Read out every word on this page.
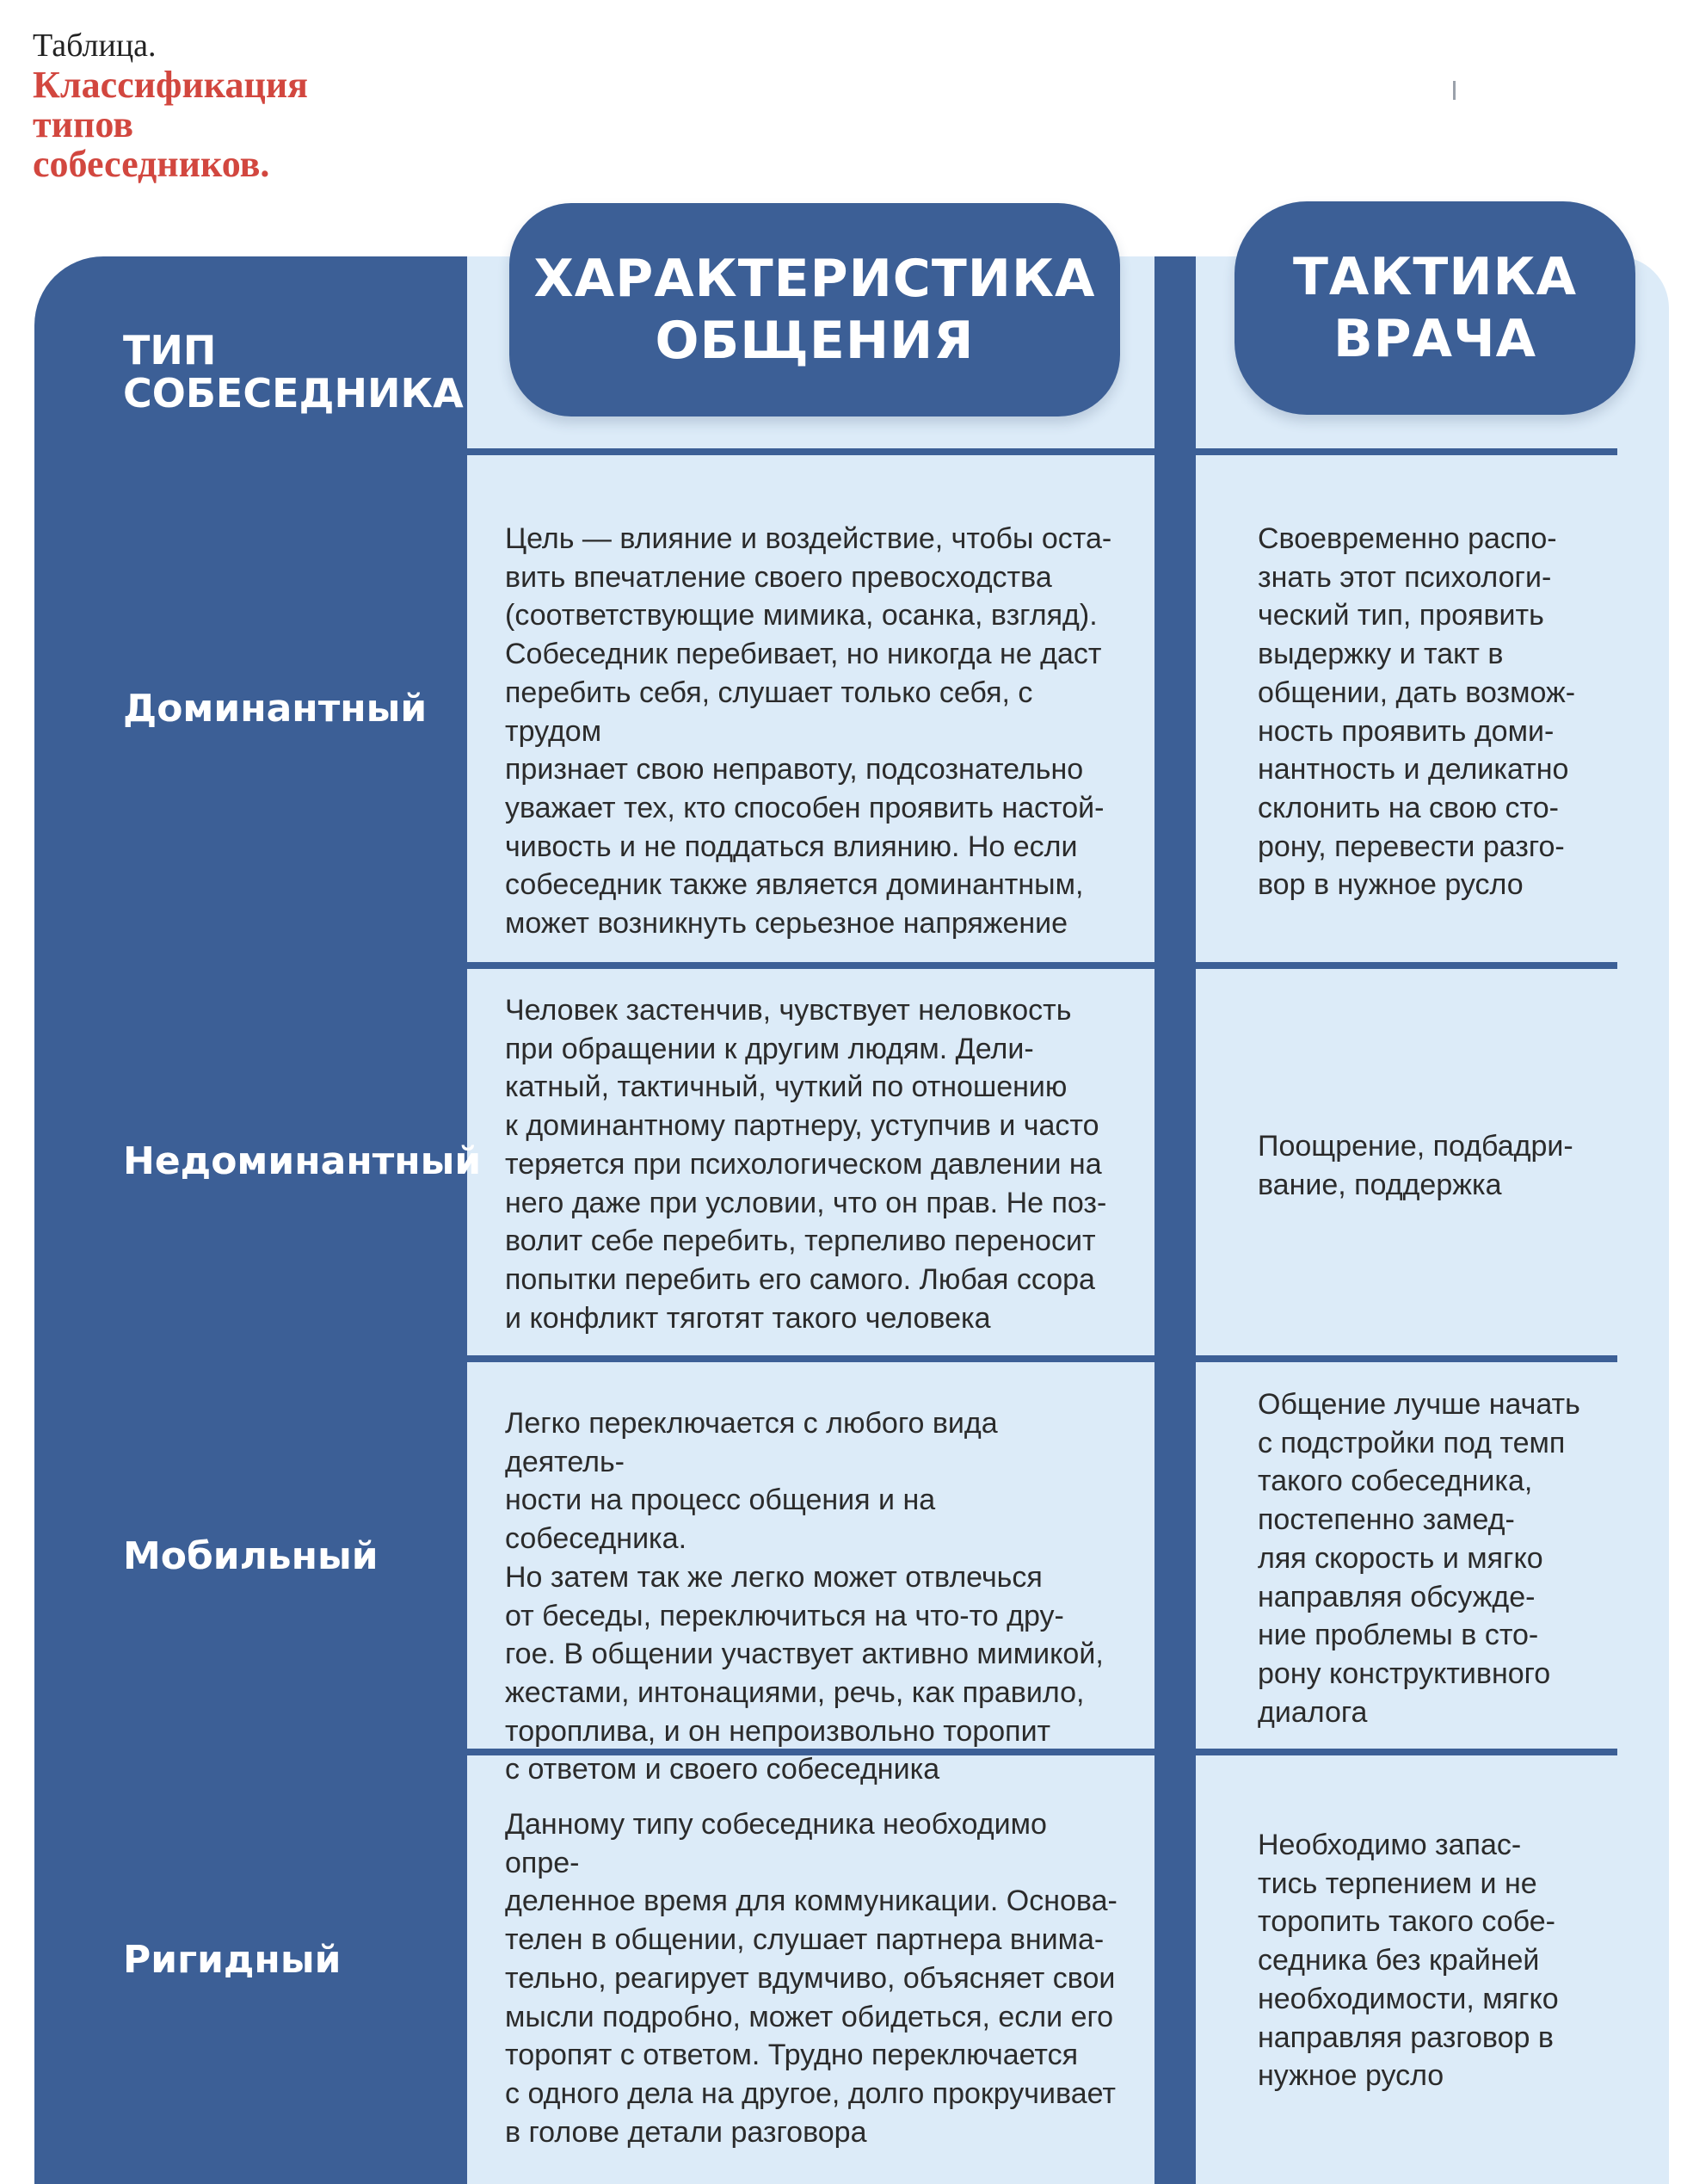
Таблица.
Классификация
типов
собеседников.
ТИП
СОБЕСЕДНИКА
ХАРАКТЕРИСТИКА
ОБЩЕНИЯ
ТАКТИКА
ВРАЧА
Доминантный
Цель — влияние и воздействие, чтобы оста-
вить впечатление своего превосходства
(соответствующие мимика, осанка, взгляд).
Собеседник перебивает, но никогда не даст
перебить себя, слушает только себя, с трудом
признает свою неправоту, подсознательно
уважает тех, кто способен проявить настой-
чивость и не поддаться влиянию. Но если
собеседник также является доминантным,
может возникнуть серьезное напряжение
Своевременно распо-
знать этот психологи-
ческий тип, проявить
выдержку и такт в
общении, дать возмож-
ность проявить доми-
нантность и деликатно
склонить на свою сто-
рону, перевести разго-
вор в нужное русло
Недоминантный
Человек застенчив, чувствует неловкость
при обращении к другим людям. Дели-
катный, тактичный, чуткий по отношению
к доминантному партнеру, уступчив и часто
теряется при психологическом давлении на
него даже при условии, что он прав. Не поз-
волит себе перебить, терпеливо переносит
попытки перебить его самого. Любая ссора
и конфликт тяготят такого человека
Поощрение, подбадри-
вание, поддержка
Мобильный
Легко переключается с любого вида деятель-
ности на процесс общения и на собеседника.
Но затем так же легко может отвлечься
от беседы, переключиться на что-то дру-
гое. В общении участвует активно мимикой,
жестами, интонациями, речь, как правило,
торoплива, и он непроизвольно торопит
с ответом и своего собеседника
Общение лучше начать
с подстройки под темп
такого собеседника,
постепенно замед-
ляя скорость и мягко
направляя обсужде-
ние проблемы в сто-
рону конструктивного
диалога
Ригидный
Данному типу собеседника необходимо опре-
деленное время для коммуникации. Основа-
телен в общении, слушает партнера внима-
тельно, реагирует вдумчиво, объясняет свои
мысли подробно, может обидеться, если его
торопят с ответом. Трудно переключается
с одного дела на другое, долго прокручивает
в голове детали разговора
Необходимо запас-
тись терпением и не
торопить такого собе-
седника без крайней
необходимости, мягко
направляя разговор в
нужное русло
